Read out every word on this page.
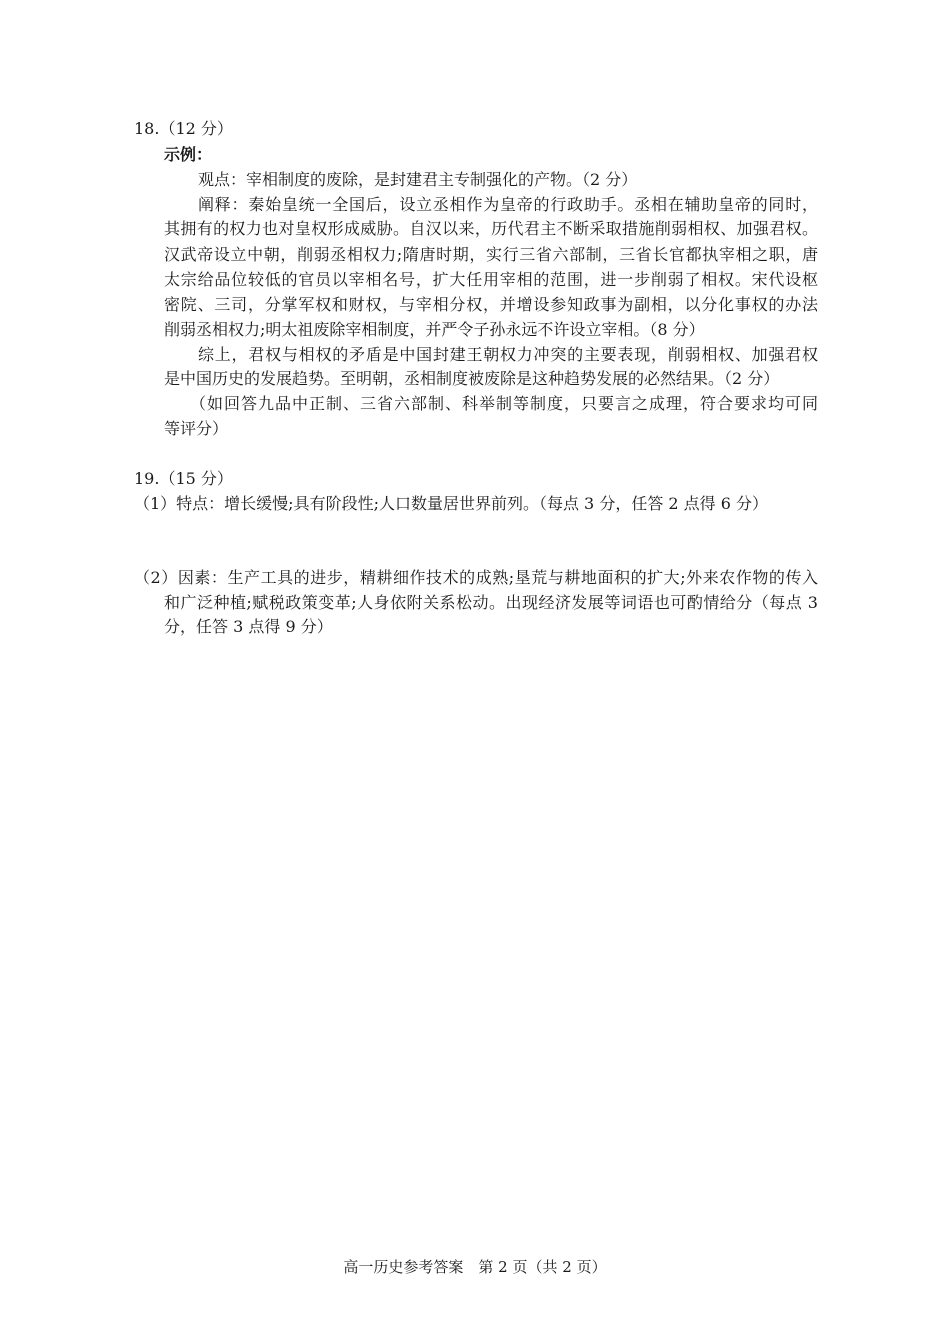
18.（12 分）
示例：
观点：宰相制度的废除，是封建君主专制强化的产物。（2 分）
阐释：秦始皇统一全国后，设立丞相作为皇帝的行政助手。丞相在辅助皇帝的同时，
其拥有的权力也对皇权形成威胁。自汉以来，历代君主不断采取措施削弱相权、加强君权。
汉武帝设立中朝，削弱丞相权力;隋唐时期，实行三省六部制，三省长官都执宰相之职，唐
太宗给品位较低的官员以宰相名号，扩大任用宰相的范围，进一步削弱了相权。宋代设枢
密院、三司，分掌军权和财权，与宰相分权，并增设参知政事为副相，以分化事权的办法
削弱丞相权力;明太祖废除宰相制度，并严令子孙永远不许设立宰相。（8 分）
综上，君权与相权的矛盾是中国封建王朝权力冲突的主要表现，削弱相权、加强君权
是中国历史的发展趋势。至明朝，丞相制度被废除是这种趋势发展的必然结果。（2 分）
（如回答九品中正制、三省六部制、科举制等制度，只要言之成理，符合要求均可同
等评分）
19.（15 分）
（1）特点：增长缓慢;具有阶段性;人口数量居世界前列。（每点 3 分，任答 2 点得 6 分）
（2）因素：生产工具的进步，精耕细作技术的成熟;垦荒与耕地面积的扩大;外来农作物的传入
和广泛种植;赋税政策变革;人身依附关系松动。出现经济发展等词语也可酌情给分（每点 3
分，任答 3 点得 9 分）
高一历史参考答案　第 2 页（共 2 页）
